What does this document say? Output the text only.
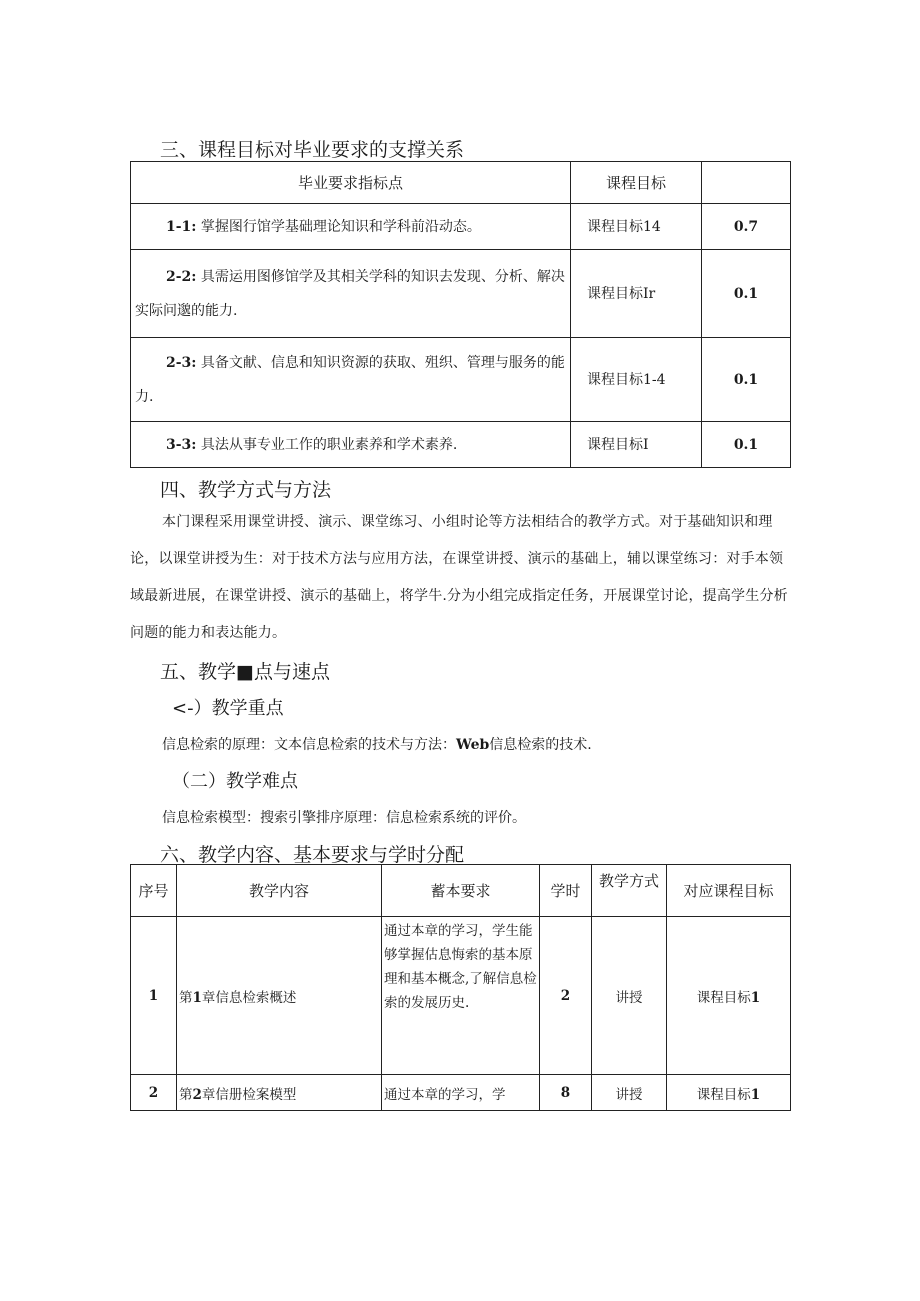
三、课程目标对毕业要求的支撑关系
毕业要求指标点	课程目标	
1-1: 掌握图行馆学基础理论知识和学科前沿动态。	课程目标14	0.7
2-2: 具需运用图修馆学及其相关学科的知识去发现、分析、解决实际问邈的能力.	课程目标Ir	0.1
2-3: 具备文献、信息和知识资源的获取、殂织、管理与服务的能力.	课程目标1-4	0.1
3-3: 具法从事专业工作的职业素养和学术素养.	课程目标I	0.1
四、教学方式与方法
本门课程采用课堂讲授、演示、课堂练习、小组时论等方法相结合的教学方式。对于基础知识和理论，以课堂讲授为生：对于技术方法与应用方法，在课堂讲授、演示的基础上，辅以课堂练习：对手本领域最新进展，在课堂讲授、演示的基础上，将学牛.分为小组完成指定任务，开展课堂讨论，提高学生分析问题的能力和表达能力。
五、教学■点与速点
<-）教学重点
信息检索的原理：文本信息检索的技术与方法：Web信息检索的技术.
（二）教学难点
信息检索模型：搜索引擎排序原理：信息检索系统的评价。
六、教学内容、基本要求与学时分配
序号	教学内容	蓄本要求	学时	教学方式	对应课程目标
1	第1章信息检索概述	通过本章的学习，学生能够掌握估息悔索的基本原理和基本概念,了解信息检索的发展历史.	2	讲授	课程目标1
2	第2章信册检案模型	通过本章的学习，学	8	讲授	课程目标1
